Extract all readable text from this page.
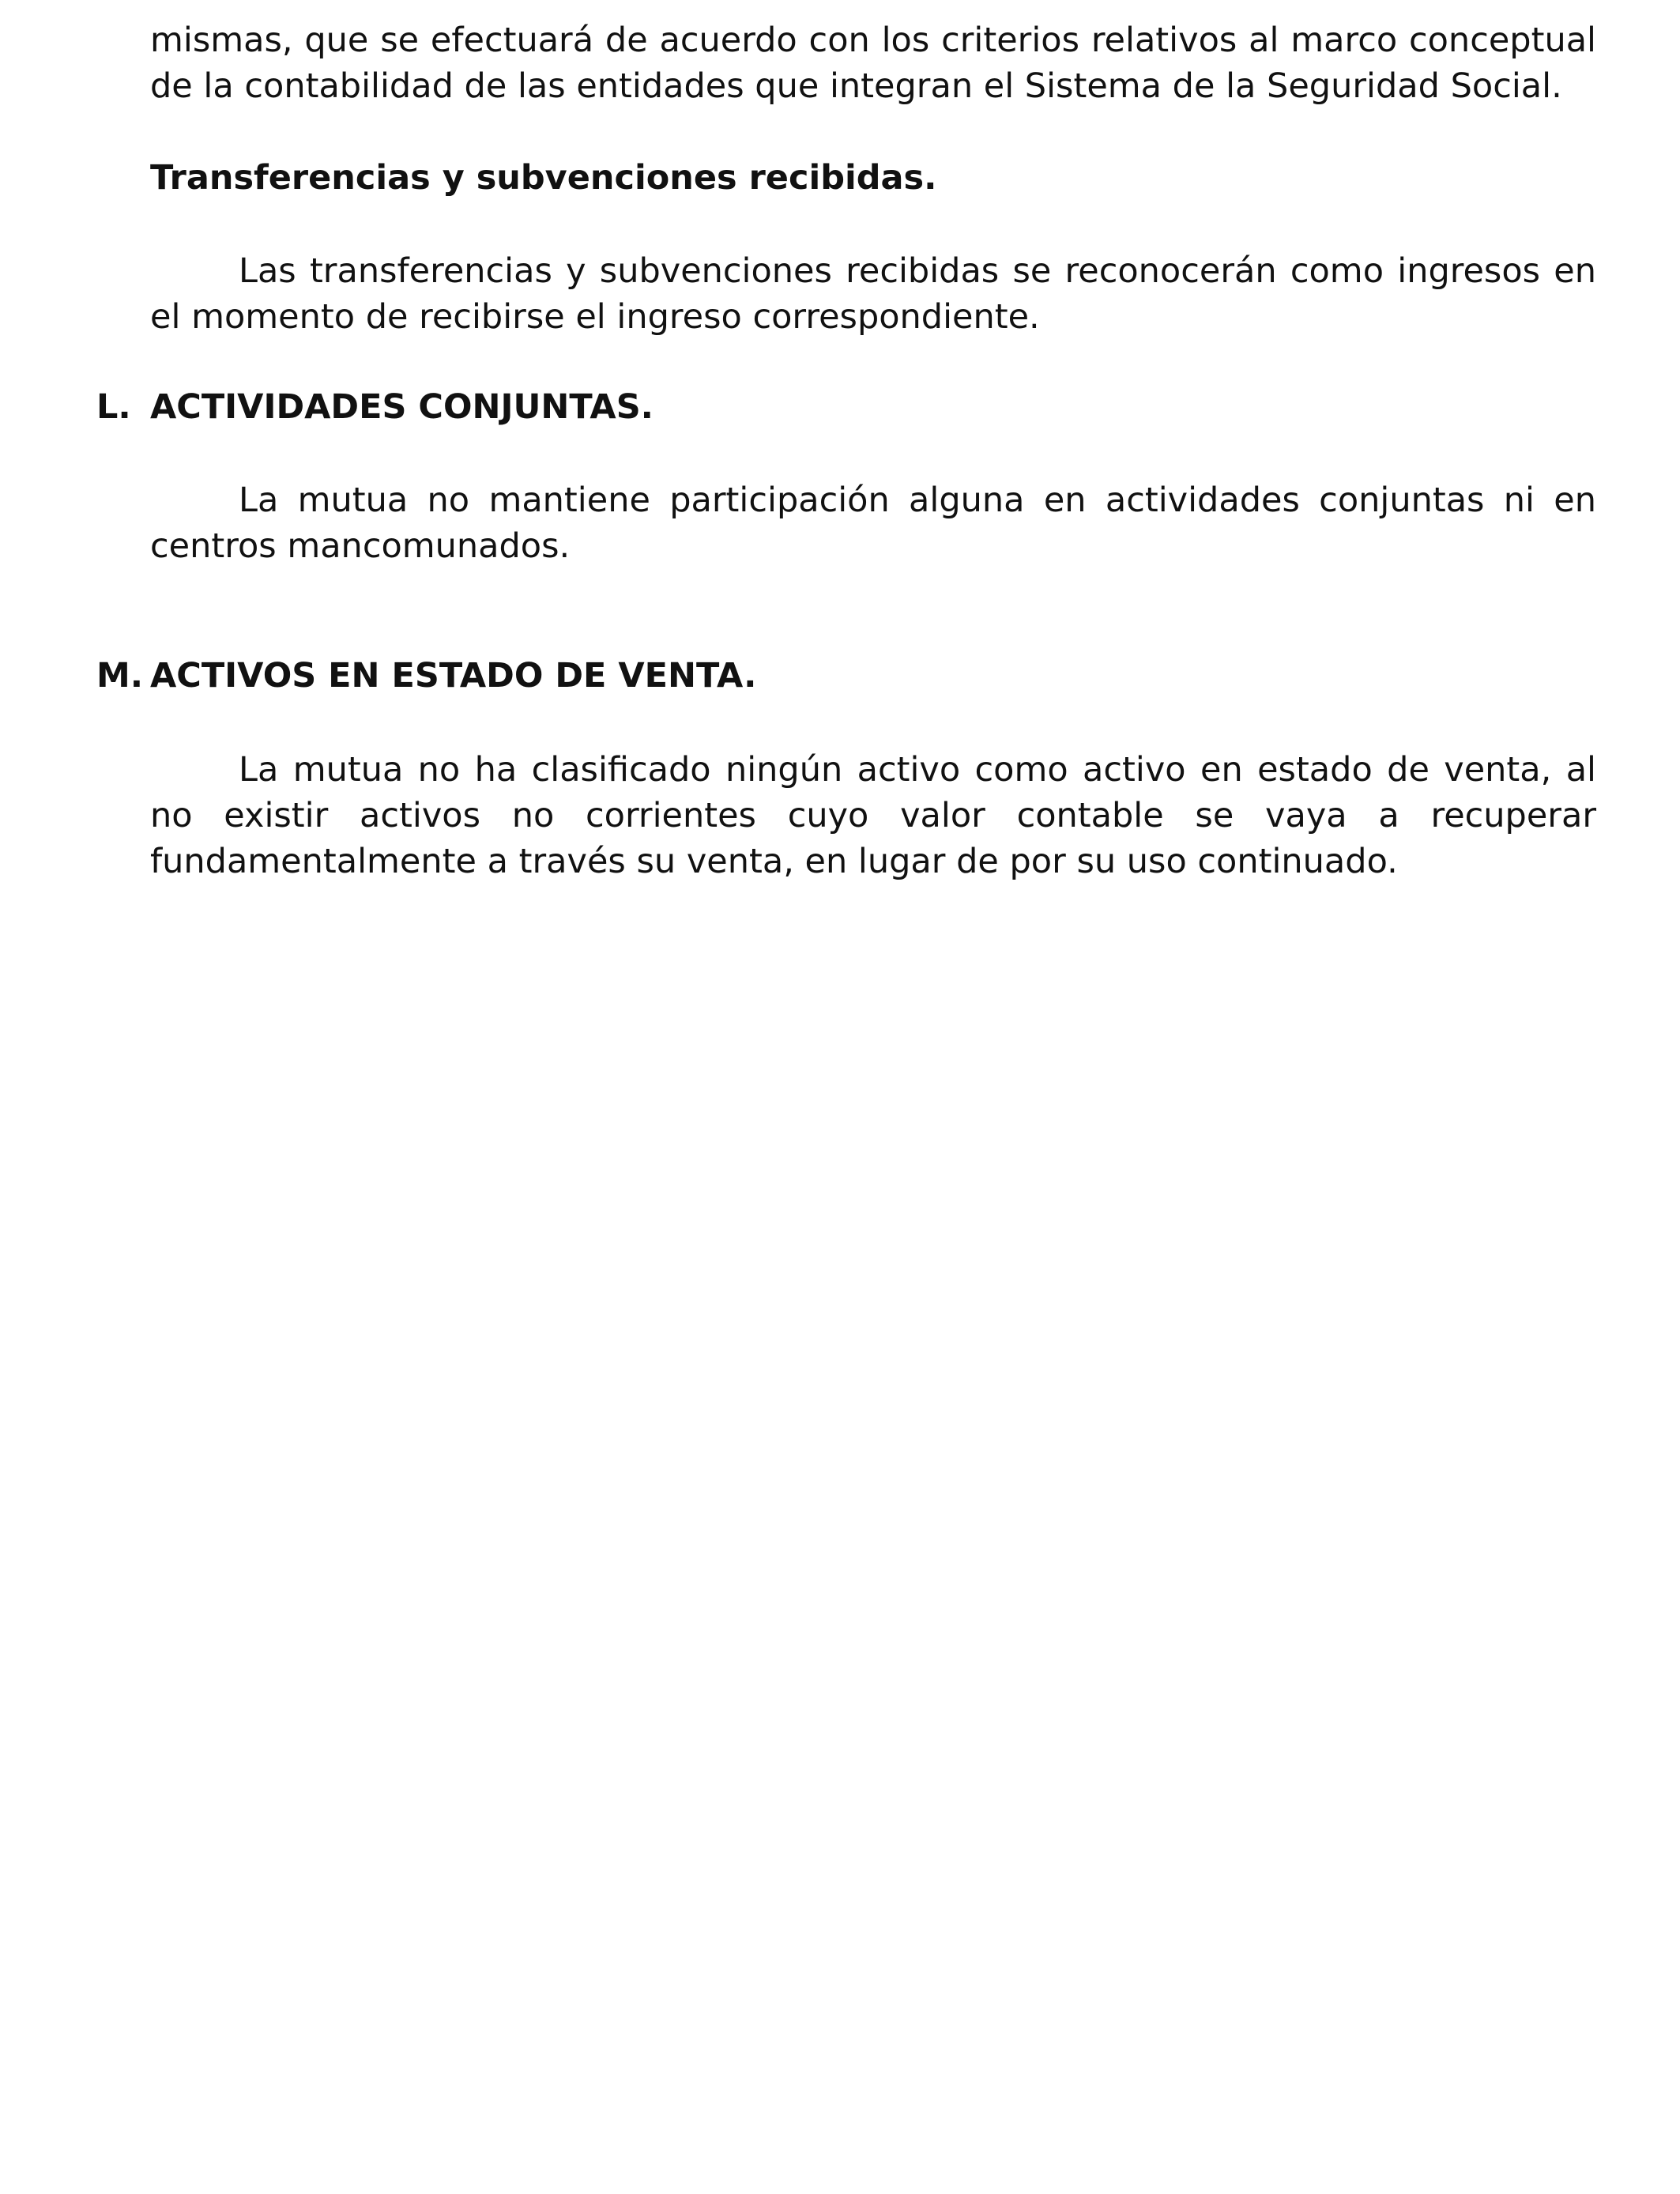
mismas, que se efectuará de acuerdo con los criterios relativos al marco conceptual
de la contabilidad de las entidades que integran el Sistema de la Seguridad Social.

Transferencias y subvenciones recibidas.

Las transferencias y subvenciones recibidas se reconocerán como ingresos en el momento de recibirse el ingreso correspondiente.

L. ACTIVIDADES CONJUNTAS.

La mutua no mantiene participación alguna en actividades conjuntas ni en centros mancomunados.

M. ACTIVOS EN ESTADO DE VENTA.

La mutua no ha clasificado ningún activo como activo en estado de venta, al no existir activos no corrientes cuyo valor contable se vaya a recuperar fundamentalmente a través su venta, en lugar de por su uso continuado.
